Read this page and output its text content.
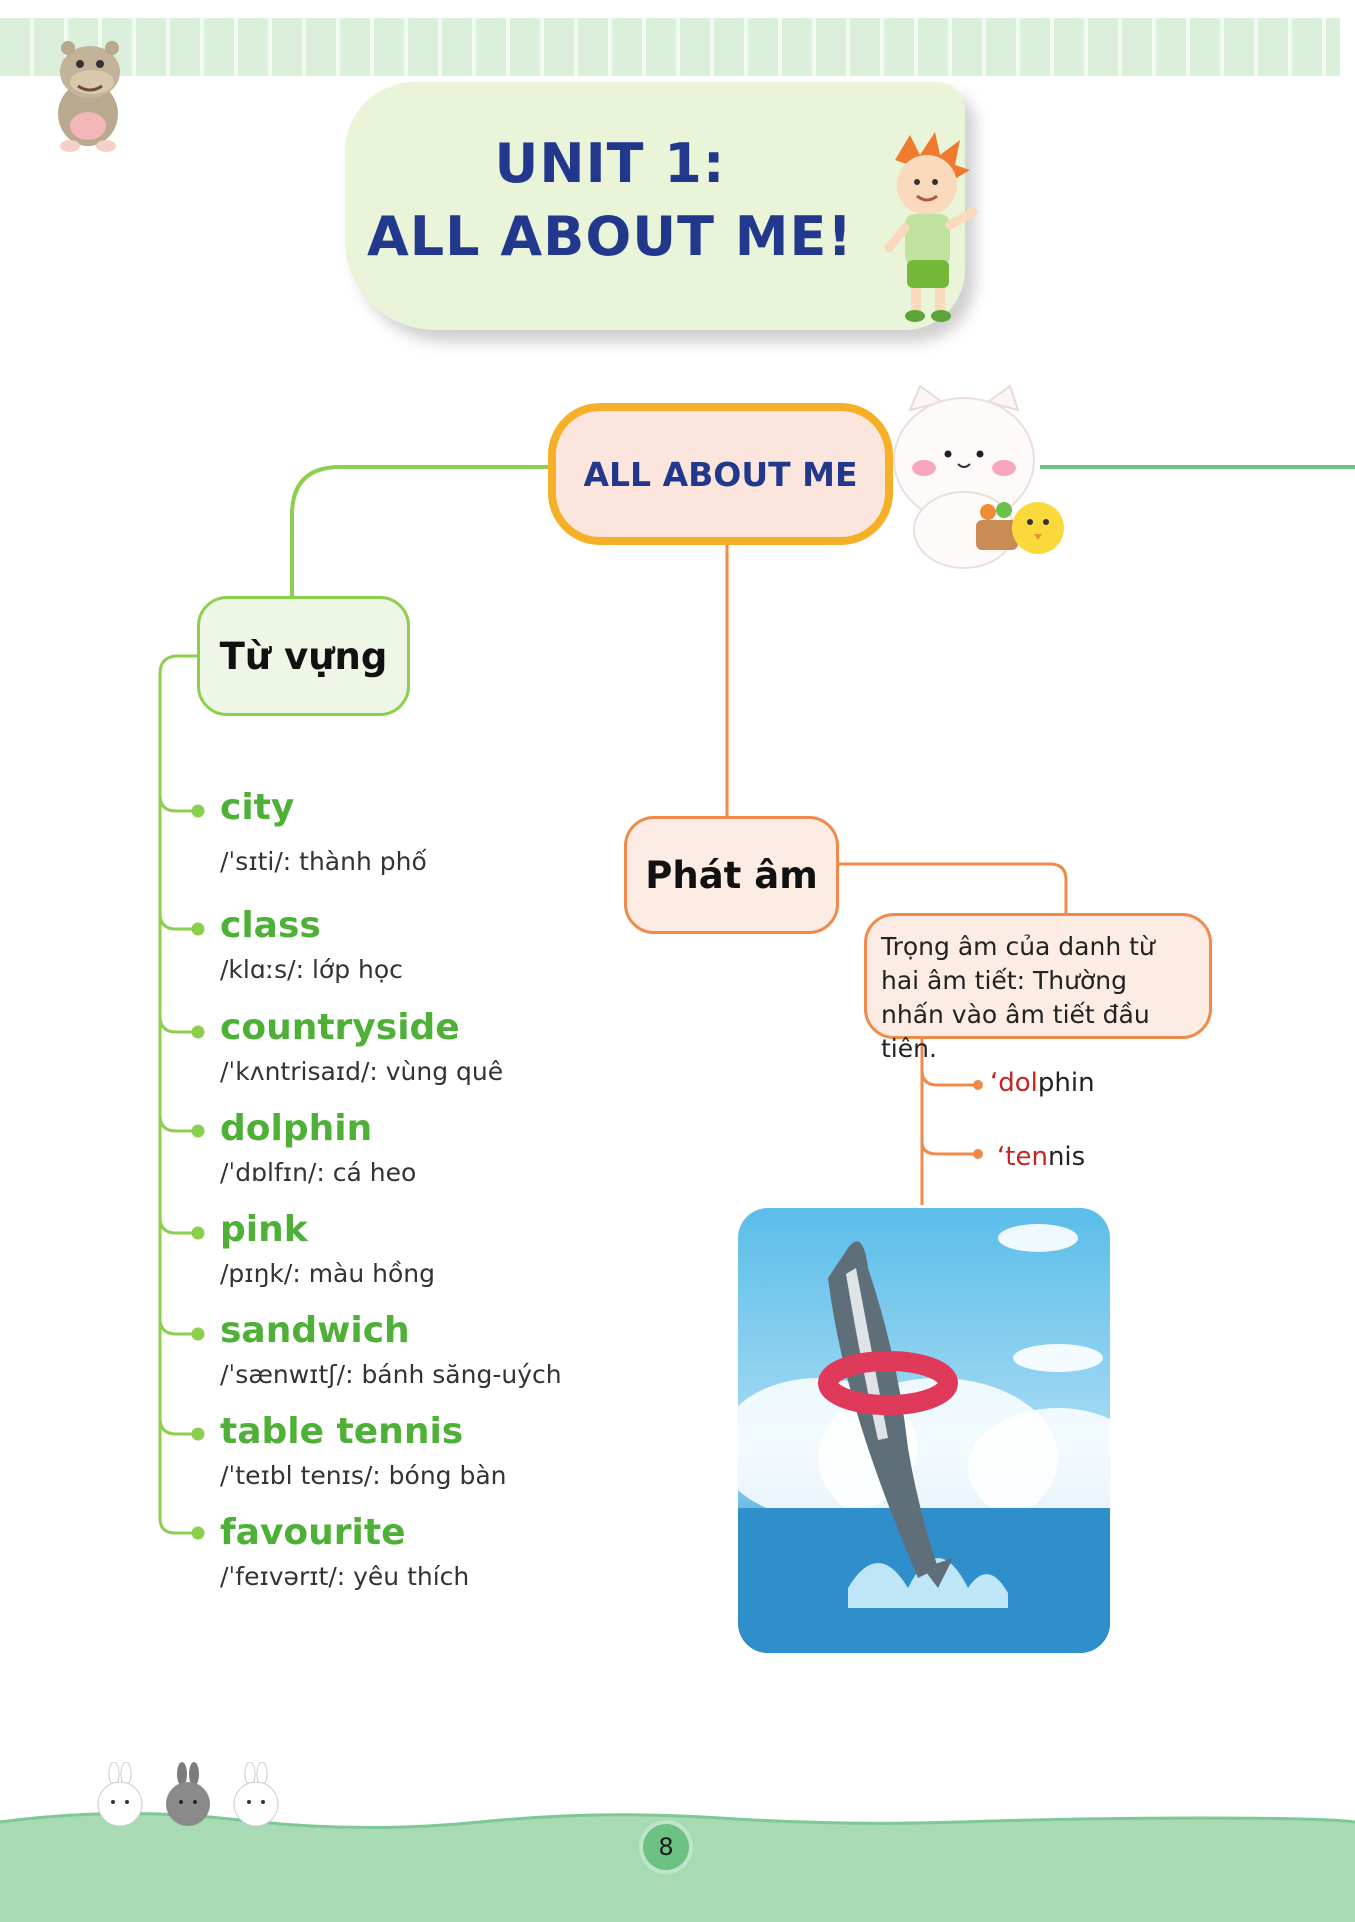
UNIT 1:
ALL ABOUT ME!
ALL ABOUT ME
Từ vựng
Phát âm
Trọng âm của danh từ hai âm tiết: Thường nhấn vào âm tiết đầu tiên.
‘dolphin
‘tennis
city
/ˈsɪti/: thành phố
class
/klɑːs/: lớp học
countryside
/ˈkʌntrisaɪd/: vùng quê
dolphin
/ˈdɒlfɪn/: cá heo
pink
/pɪŋk/: màu hồng
sandwich
/ˈsænwɪtʃ/: bánh săng-uých
table tennis
/ˈteɪbl tenɪs/: bóng bàn
favourite
/ˈfeɪvərɪt/: yêu thích
8
